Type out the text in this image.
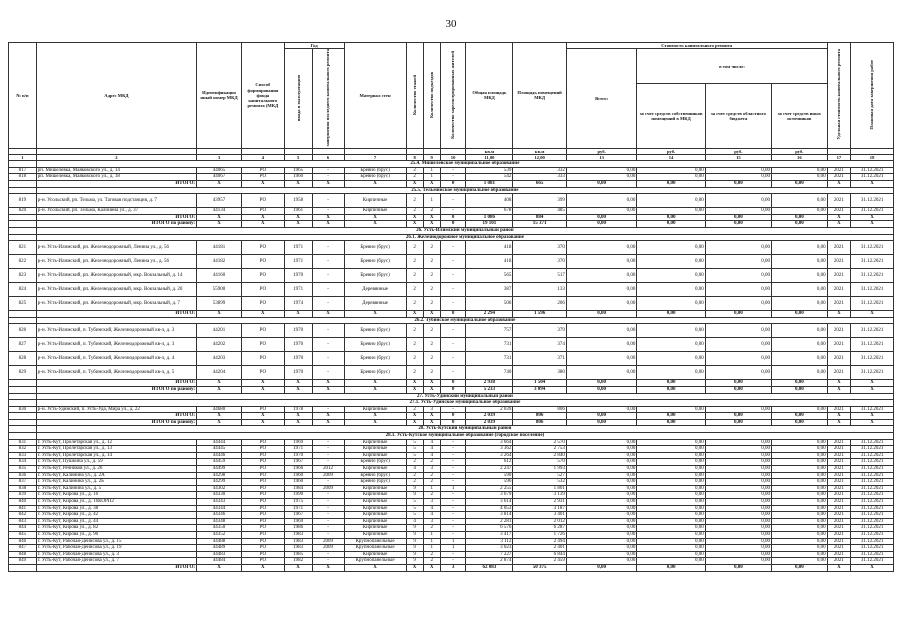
30
№ п/п	Адрес МКД	Идентификацио нный номер МКД	Способ формирования фонда капитального ремонта (МКД	Год		Материал стен	Количество этажей	Количество подъездов	Количество зарегистрированных жителей	Общая площадь МКД	Площадь помещений МКД	Стоимость капитального ремонта				Удельная стоимость капитального ремонта	Плановая дата завершения работ
				ввода в эксплуатацию	завершения последнего капитального ремонта							Всего:	в том числе:				
													за счет средств собственников помещений в МКД	за счет средств областного бюджета	за счет средств иных источников		
										кв.м	кв.м	руб.	руб.	руб.	руб.		
1	2	3	4	5	6	7	8	9	10	11,00	12,00	13	14	15	16	17	18
	25.4. Мишелевское муниципальное образование																
817	рп. Мишелевка, Маяковского ул., д. 14	44065	РО	1965	-	Бревно (брус)	2	1	-	539	332	0,00	0,00	0,00	0,00	2021	31.12.2021
818	рп. Мишелевка, Маяковского ул., д. 18	44067	РО	1960	-	Бревно (брус)	2	1	-	542	333	0,00	0,00	0,00	0,00	2021	31.12.2021
	ИТОГО:	Х	Х	Х	Х	Х	Х	Х	0	1 081	665	0,00	0,00	0,00	0,00	Х	Х
	25.5. Тельминское муниципальное образование																
819	р-н. Усольский, рп. Тельма, ул. Таговая подстанция, д. 7	43957	РО	1958	-	Кирпичные	2	1	-	408	399	0,00	0,00	0,00	0,00	2021	31.12.2021
820	р-н. Усольский, рп. Тельма, Калинина ул., д. 37	44134	РО	1961	-	Кирпичные	2	2	-	678	485	0,00	0,00	0,00	0,00	2021	31.12.2021
	ИТОГО:	Х	Х	Х	Х	Х	Х	Х	0	1 086	884	0,00	0,00	0,00	0,00	Х	Х
	ИТОГО по району:	Х	Х	Х	Х	Х	Х	Х	0	19 101	15 371	0,00	0,00	0,00	0,00	Х	Х
	26. Усть-Илимский муниципальный район																
	26.1. Железнодорожное муниципальное образование																
821	р-н. Усть-Илимский, рп. Железнодорожный, Ленина ул., д. 56	44181	РО	1971	-	Бревно (брус)	2	2	-	418	370	0,00	0,00	0,00	0,00	2021	31.12.2021
822	р-н. Усть-Илимский, рп. Железнодорожный, Ленина ул., д. 56	44182	РО	1971	-	Бревно (брус)	2	2	-	418	370	0,00	0,00	0,00	0,00	2021	31.12.2021
823	р-н. Усть-Илимский, рп. Железнодорожный, мкр. Вокзальный, д. 14	44160	РО	1970	-	Бревно (брус)	2	2	-	565	517	0,00	0,00	0,00	0,00	2021	31.12.2021
824	р-н. Усть-Илимский, рп. Железнодорожный, мкр. Вокзальный, д. 20	55900	РО	1971	-	Деревянные	2	2	-	387	133	0,00	0,00	0,00	0,00	2021	31.12.2021
825	р-н. Усть-Илимский, рп. Железнодорожный, мкр. Вокзальный, д. 7	53899	РО	1974	-	Деревянные	2	2	-	506	206	0,00	0,00	0,00	0,00	2021	31.12.2021
	ИТОГО:	Х	Х	Х	Х	Х	Х	Х	0	2 294	1 596	0,00	0,00	0,00	0,00	Х	Х
	26.2. Тубинское муниципальное образование																
826	р-н. Усть-Илимский, п. Тубинский, Железнодорожный кв-л, д. 3	44201	РО	1970	-	Бревно (брус)	2	2	-	757	379	0,00	0,00	0,00	0,00	2021	31.12.2021
827	р-н. Усть-Илимский, п. Тубинский, Железнодорожный кв-л, д. 3	44202	РО	1970	-	Бревно (брус)	2	2	-	731	374	0,00	0,00	0,00	0,00	2021	31.12.2021
828	р-н. Усть-Илимский, п. Тубинский, Железнодорожный кв-л, д. 4	44203	РО	1970	-	Бревно (брус)	2	2	-	731	371	0,00	0,00	0,00	0,00	2021	31.12.2021
829	р-н. Усть-Илимский, п. Тубинский, Железнодорожный кв-л, д. 5	44204	РО	1970	-	Бревно (брус)	2	2	-	740	380	0,00	0,00	0,00	0,00	2021	31.12.2021
	ИТОГО:	Х	Х	Х	Х	Х	Х	Х	0	2 938	1 504	0,00	0,00	0,00	0,00	Х	Х
	ИТОГО по району:	Х	Х	Х	Х	Х	Х	Х	0	5 233	3 094	0,00	0,00	0,00	0,00	Х	Х
	27. Усть-Удинский муниципальный район																
	27.1. Усть-Удинское муниципальное образование																
830	р-н. Усть-Удинский, п. Усть-Уда, Мира ул., д. 22	44680	РО	1978	-	Кирпичные	2	3	-	2 039	806	0,00	0,00	0,00	0,00	2021	31.12.2021
	ИТОГО:	Х	Х	Х	Х	Х	Х	Х	0	2 039	806	0,00	0,00	0,00	0,00	Х	Х
	ИТОГО по району:	Х	Х	Х	Х	Х	Х	Х	0	2 039	806	0,00	0,00	0,00	0,00	Х	Х
	28. Усть-Кутский муниципальный район																
	28.1. Усть-Кутское муниципальное образование (городское поселение)																
831	г. Усть-Кут, Пролетарская ул., д. 12	44444	РО	1969	-	Кирпичные	5	4	-	3 664	2 570	0,00	0,00	0,00	0,00	2021	31.12.2021
832	г. Усть-Кут, Пролетарская ул., д. 13	44445	РО	1971	-	Кирпичные	5	4	-	3 362	2 753	0,00	0,00	0,00	0,00	2021	31.12.2021
833	г. Усть-Кут, Пролетарская ул., д. 14	44446	РО	1970	-	Кирпичные	5	4	-	3 264	2 840	0,00	0,00	0,00	0,00	2021	31.12.2021
834	г. Усть-Кут, Пушкина ул., д. 59	44459	РО	1967	-	Бревно (брус)	2	2	-	612	570	0,00	0,00	0,00	0,00	2021	31.12.2021
835	г. Усть-Кут, Речников ул., д. 26	44499	РО	1966	2012	Кирпичные	4	3	-	2 247	1 993	0,00	0,00	0,00	0,00	2021	31.12.2021
836	г. Усть-Кут, Калинина ул., д. 2А	44298	РО	1960	2009	Бревно (брус)	2	2	-	590	527	0,00	0,00	0,00	0,00	2021	31.12.2021
837	г. Усть-Кут, Калинина ул., д. 2Б	44299	РО	1960	-	Бревно (брус)	2	2	-	596	532	0,00	0,00	0,00	0,00	2021	31.12.2021
838	г. Усть-Кут, Калинина ул., д. 5	44302	РО	1984	2009	Кирпичные	9	1	1	2 255	1 801	0,00	0,00	0,00	0,00	2021	31.12.2021
839	г. Усть-Кут, Кирова ул., д. 16	44330	РО	1990	-	Кирпичные	9	2	-	3 679	3 139	0,00	0,00	0,00	0,00	2021	31.12.2021
840	г. Усть-Кут, Кирова ул., д. 16КОРП2	44343	РО	1975	-	Кирпичные	5	3	-	3 614	2 931	0,00	0,00	0,00	0,00	2021	31.12.2021
841	г. Усть-Кут, Кирова ул., д. 38	44344	РО	1971	-	Кирпичные	5	4	-	4 053	3 187	0,00	0,00	0,00	0,00	2021	31.12.2021
842	г. Усть-Кут, Кирова ул., д. 42	44346	РО	1967	-	Кирпичные	5	4	-	3 814	3 401	0,00	0,00	0,00	0,00	2021	31.12.2021
843	г. Усть-Кут, Кирова ул., д. 44	44348	РО	1969	-	Кирпичные	4	3	-	2 281	2 012	0,00	0,00	0,00	0,00	2021	31.12.2021
844	г. Усть-Кут, Кирова ул., д. 82	44350	РО	1986	-	Кирпичные	9	2	-	6 576	6 287	0,00	0,00	0,00	0,00	2021	31.12.2021
845	г. Усть-Кут, Кирова ул., д. 96	44352	РО	1983	-	Кирпичные	9	1	-	3 417	1 726	0,00	0,00	0,00	0,00	2021	31.12.2021
846	г. Усть-Кут, Рабочая-Денисова ул., д. 15	44488	РО	1983	2009	Крупнопанельные	9	1	1	3 112	2 494	0,00	0,00	0,00	0,00	2021	31.12.2021
847	г. Усть-Кут, Рабочая-Денисова ул., д. 19	44489	РО	1983	2009	Крупнопанельные	9	1	1	3 023	2 401	0,00	0,00	0,00	0,00	2021	31.12.2021
848	г. Усть-Кут, Рабочая-Денисова ул., д. 3	44483	РО	1985	-	Кирпичные	9	2	-	7 227	6 844	0,00	0,00	0,00	0,00	2021	31.12.2021
849	г. Усть-Кут, Рабочая-Денисова ул., д. 7	44484	РО	1982	-	Крупнопанельные	9	2	-	2 874	2 459	0,00	0,00	0,00	0,00	2021	31.12.2021
	ИТОГО:	Х	Х	Х	Х	Х	Х	Х	3	62 083	50 375	0,00	0,00	0,00	0,00	Х	Х
